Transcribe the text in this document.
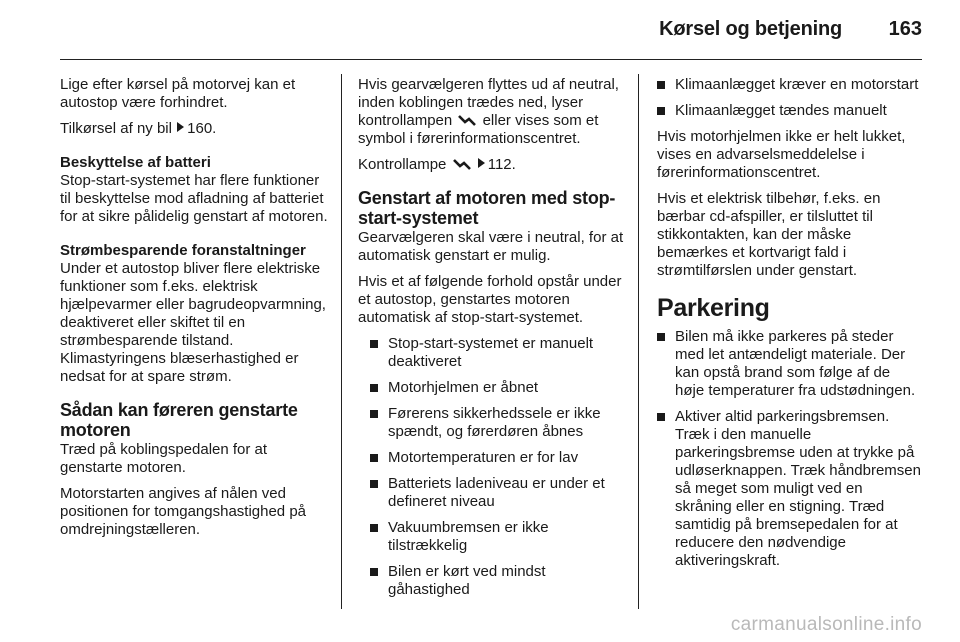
Kørsel og betjening 163

Lige efter kørsel på motorvej kan et autostop være forhindret.

Tilkørsel af ny bil 160.

Beskyttelse af batteri

Stop-start-systemet har flere funktioner til beskyttelse mod afladning af batteriet for at sikre pålidelig genstart af motoren.

Strømbesparende foranstaltninger

Under et autostop bliver flere elektriske funktioner som f.eks. elektrisk hjælpevarmer eller bagrudeopvarmning, deaktiveret eller skiftet til en strømbesparende tilstand. Klimastyringens blæserhastighed er nedsat for at spare strøm.

Sådan kan føreren genstarte motoren

Træd på koblingspedalen for at genstarte motoren.

Motorstarten angives af nålen ved positionen for tomgangshastighed på omdrejningstælleren.

Hvis gearvælgeren flyttes ud af neutral, inden koblingen trædes ned, lyser kontrollampen eller vises som et symbol i førerinformationscentret.

Kontrollampe	112.

Genstart af motoren med stop-start-systemet

Gearvælgeren skal være i neutral, for at automatisk genstart er mulig.

Hvis et af følgende forhold opstår under et autostop, genstartes motoren automatisk af stop-start-systemet.

Stop-start-systemet er manuelt deaktiveret
Motorhjelmen er åbnet
Førerens sikkerhedssele er ikke spændt, og førerdøren åbnes
Motortemperaturen er for lav
Batteriets ladeniveau er under et defineret niveau
Vakuumbremsen er ikke tilstrækkelig
Bilen er kørt ved mindst gåhastighed
Klimaanlægget kræver en motorstart
Klimaanlægget tændes manuelt

Hvis motorhjelmen ikke er helt lukket, vises en advarselsmeddelelse i førerinformationscentret.

Hvis et elektrisk tilbehør, f.eks. en bærbar cd-afspiller, er tilsluttet til stikkontakten, kan der måske bemærkes et kortvarigt fald i strømtilførslen under genstart.

Parkering
Bilen må ikke parkeres på steder med let antændeligt materiale. Der kan opstå brand som følge af de høje temperaturer fra udstødningen.
Aktiver altid parkeringsbremsen. Træk i den manuelle parkeringsbremse uden at trykke på udløserknappen. Træk håndbremsen så meget som muligt ved en skråning eller en stigning. Træd samtidig på bremsepedalen for at reducere den nødvendige aktiveringskraft.
carmanualsonline.info
